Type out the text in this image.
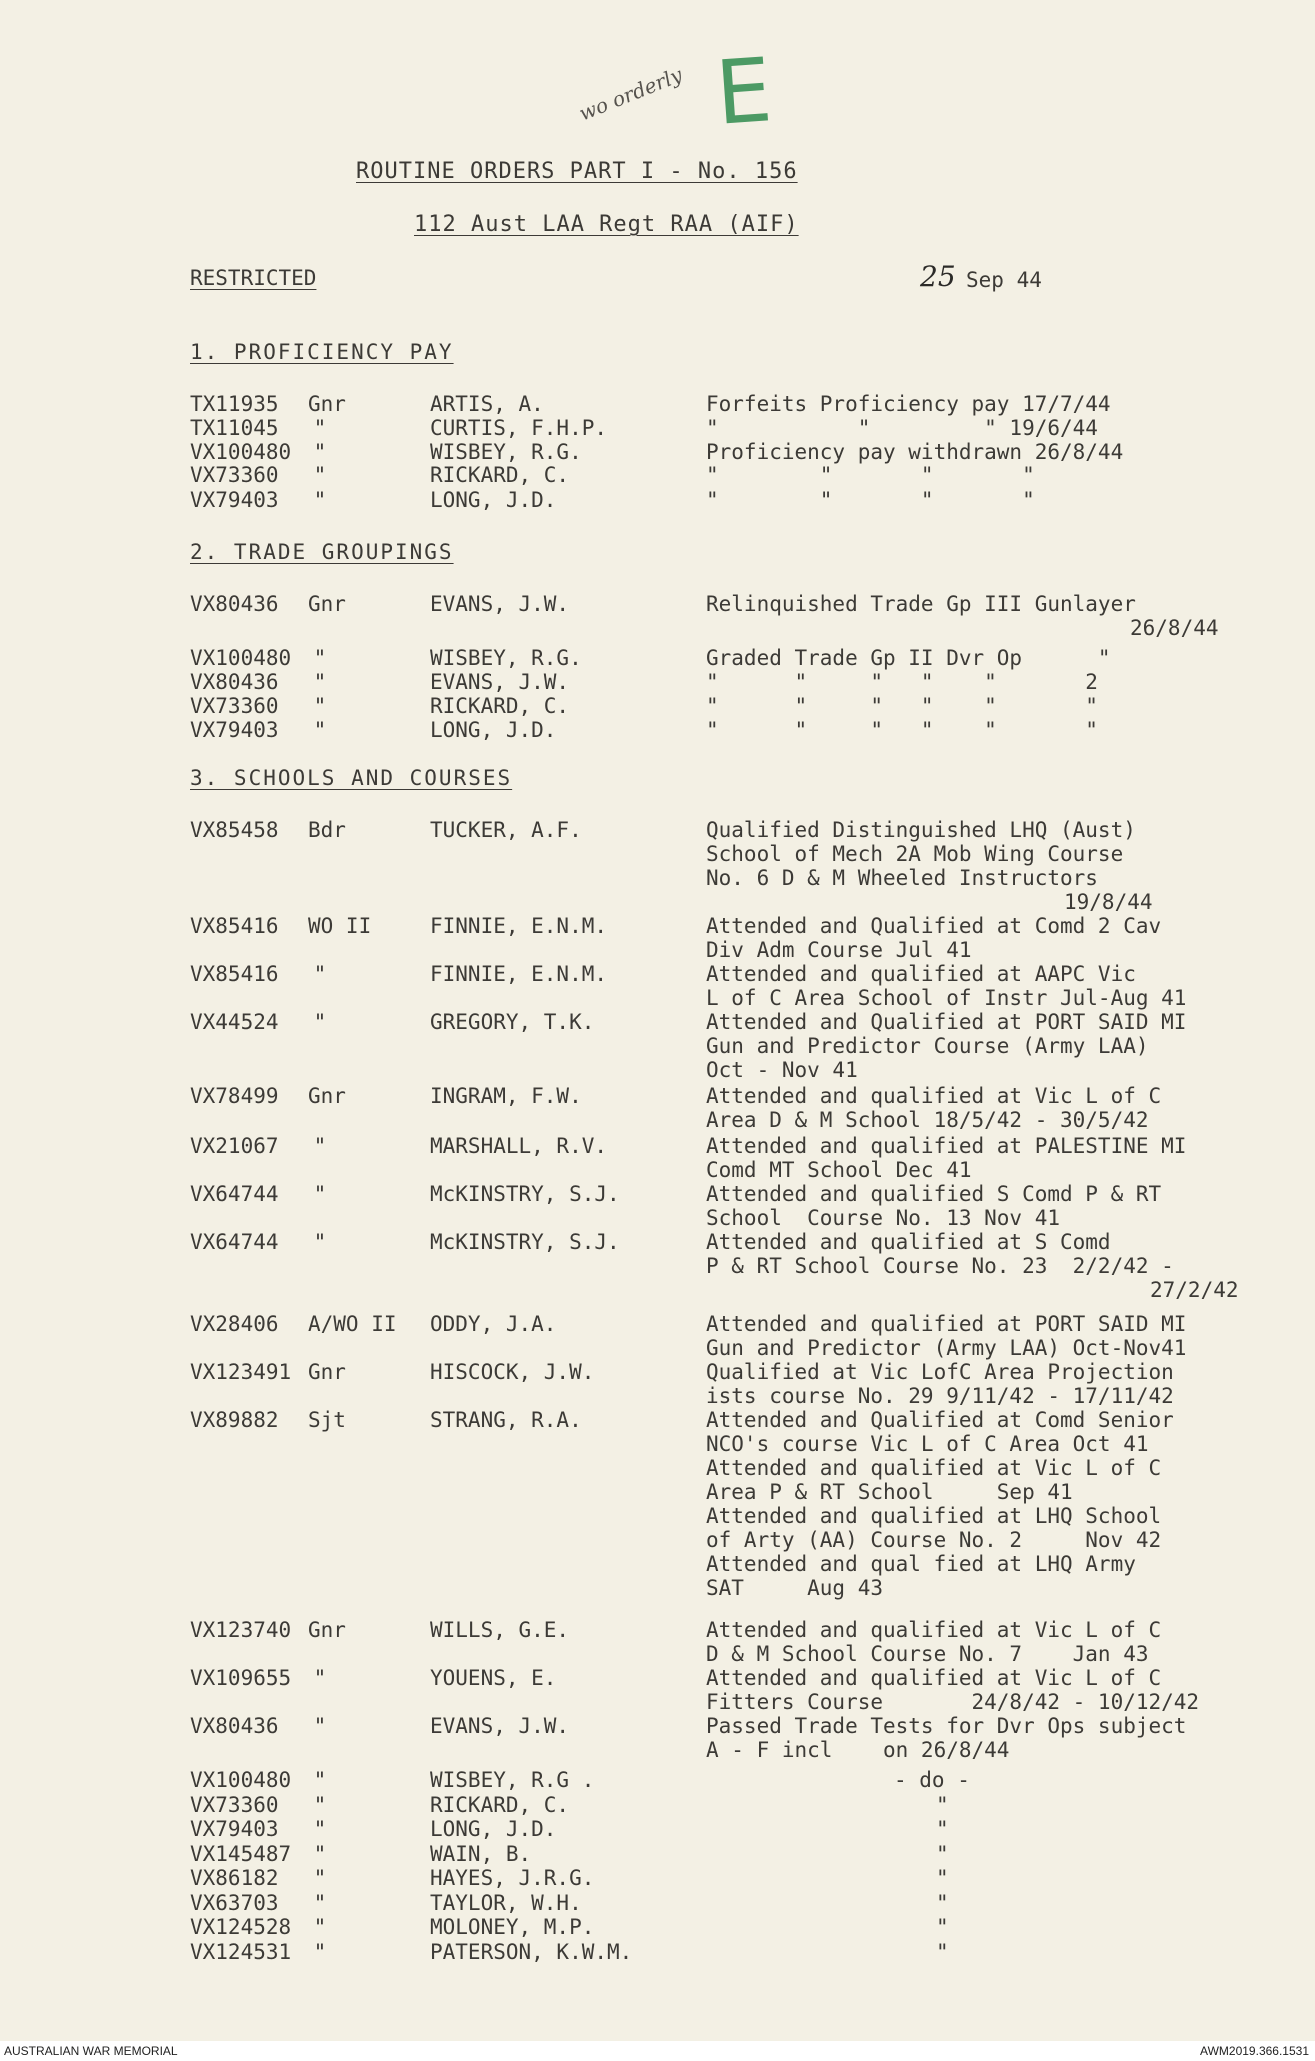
wo orderly E
ROUTINE ORDERS PART I - No. 156
112 Aust LAA Regt RAA (AIF)
RESTRICTED	25 Sep 44
1. PROFICIENCY PAY
TX11935 Gnr	ARTIS, A.	Forfeits Proficiency pay 17/7/44
TX11045 "	CURTIS, F.H.P.	"           "         " 19/6/44
VX100480 "	WISBEY, R.G.	Proficiency pay withdrawn 26/8/44
VX73360 "	RICKARD, C.	"        "       "       "
VX79403 "	LONG, J.D.	"        "       "       "
2. TRADE GROUPINGS
VX80436 Gnr	EVANS, J.W.	Relinquished Trade Gp III Gunlayer
26/8/44
VX100480 "	WISBEY, R.G.	Graded Trade Gp II Dvr Op      "
VX80436 "	EVANS, J.W.	"      "     "   "    "       2
VX73360 "	RICKARD, C.	"      "     "   "    "       "
VX79403 "	LONG, J.D.	"      "     "   "    "       "
3. SCHOOLS AND COURSES
VX85458 Bdr	TUCKER, A.F.	Qualified Distinguished LHQ (Aust)
School of Mech 2A Mob Wing Course
No. 6 D & M Wheeled Instructors
19/8/44
VX85416 WO II	FINNIE, E.N.M.	Attended and Qualified at Comd 2 Cav
Div Adm Course Jul 41
VX85416 "	FINNIE, E.N.M.	Attended and qualified at AAPC Vic
L of C Area School of Instr Jul-Aug 41
VX44524 "	GREGORY, T.K.	Attended and Qualified at PORT SAID MI
Gun and Predictor Course (Army LAA)
Oct - Nov 41
VX78499 Gnr	INGRAM, F.W.	Attended and qualified at Vic L of C
Area D & M School 18/5/42 - 30/5/42
VX21067 "	MARSHALL, R.V.	Attended and qualified at PALESTINE MI
Comd MT School Dec 41
VX64744 "	McKINSTRY, S.J.	Attended and qualified S Comd P & RT
School  Course No. 13 Nov 41
VX64744 "	McKINSTRY, S.J.	Attended and qualified at S Comd
P & RT School Course No. 23  2/2/42 -
27/2/42
VX28406 A/WO II ODDY, J.A.	Attended and qualified at PORT SAID MI
Gun and Predictor (Army LAA) Oct-Nov41
VX123491 Gnr	HISCOCK, J.W.	Qualified at Vic LofC Area Projection
ists course No. 29 9/11/42 - 17/11/42
VX89882 Sjt	STRANG, R.A.	Attended and Qualified at Comd Senior
NCO's course Vic L of C Area Oct 41
Attended and qualified at Vic L of C
Area P & RT School     Sep 41
Attended and qualified at LHQ School
of Arty (AA) Course No. 2     Nov 42
Attended and qual fied at LHQ Army
SAT     Aug 43
VX123740 Gnr	WILLS, G.E.	Attended and qualified at Vic L of C
D & M School Course No. 7    Jan 43
VX109655 "	YOUENS, E.	Attended and qualified at Vic L of C
Fitters Course       24/8/42 - 10/12/42
VX80436 "	EVANS, J.W.	Passed Trade Tests for Dvr Ops subject
A - F incl    on 26/8/44
VX100480 "	WISBEY, R.G .	- do -
VX73360 "	RICKARD, C.	"
VX79403 "	LONG, J.D.	"
VX145487 "	WAIN, B.	"
VX86182 "	HAYES, J.R.G.	"
VX63703 "	TAYLOR, W.H.	"
VX124528 "	MOLONEY, M.P.	"
VX124531 "	PATERSON, K.W.M.	"
AUSTRALIAN WAR MEMORIAL	AWM2019.366.1531
